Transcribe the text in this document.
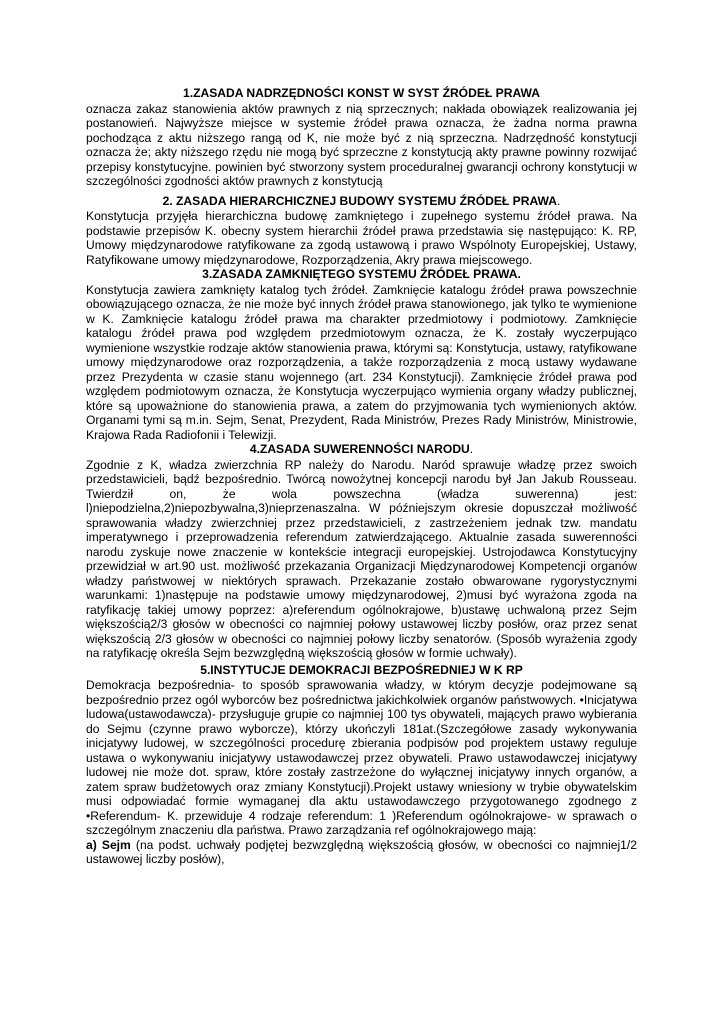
1.ZASADA NADRZĘDNOŚCI KONST W SYST ŹRÓDEŁ PRAWA

oznacza zakaz stanowienia aktów prawnych z nią sprzecznych; nakłada obowiązek realizowania jej postanowień. Najwyższe miejsce w systemie źródeł prawa oznacza, że żadna norma prawna pochodząca z aktu niższego rangą od K, nie może być z nią sprzeczna. Nadrzędność konstytucji oznacza że; akty niższego rzędu nie mogą być sprzeczne z konstytucją akty prawne powinny rozwijać przepisy konstytucyjne. powinien być stworzony system proceduralnej gwarancji ochrony konstytucji w szczególności zgodności aktów prawnych z konstytucją

2. ZASADA HIERARCHICZNEJ BUDOWY SYSTEMU ŹRÓDEŁ PRAWA.

Konstytucja przyjęła hierarchiczna budowę zamkniętego i zupełnego systemu źródeł prawa. Na podstawie przepisów K. obecny system hierarchii źródeł prawa przedstawia się następująco: K. RP, Umowy międzynarodowe ratyfikowane za zgodą ustawową i prawo Wspólnoty Europejskiej, Ustawy, Ratyfikowane umowy międzynarodowe, Rozporządzenia, Akry prawa miejscowego.

3.ZASADA ZAMKNIĘTEGO SYSTEMU ŹRÓDEŁ PRAWA.

Konstytucja zawiera zamknięty katalog tych źródeł. Zamknięcie katalogu źródeł prawa powszechnie obowiązującego oznacza, że nie może być innych źródeł prawa stanowionego, jak tylko te wymienione w K. Zamknięcie katalogu źródeł prawa ma charakter przedmiotowy i podmiotowy. Zamknięcie katalogu źródeł prawa pod względem przedmiotowym oznacza, że K. zostały wyczerpująco wymienione wszystkie rodzaje aktów stanowienia prawa, którymi są: Konstytucja, ustawy, ratyfikowane umowy międzynarodowe oraz rozporządzenia, a także rozporządzenia z mocą ustawy wydawane przez Prezydenta w czasie stanu wojennego (art. 234 Konstytucji). Zamknięcie źródeł prawa pod względem podmiotowym oznacza, że Konstytucja wyczerpująco wymienia organy władzy publicznej, które są upoważnione do stanowienia prawa, a zatem do przyjmowania tych wymienionych aktów. Organami tymi są m.in. Sejm, Senat, Prezydent, Rada Ministrów, Prezes Rady Ministrów, Ministrowie, Krajowa Rada Radiofonii i Telewizji.

4.ZASADA SUWERENNOŚCI NARODU.

Zgodnie z K, władza zwierzchnia RP należy do Narodu. Naród sprawuje władzę przez swoich przedstawicieli, bądź bezpośrednio. Twórcą nowożytnej koncepcji narodu był Jan Jakub Rousseau. Twierdził on, że wola powszechna (władza suwerenna) jest: l)niepodzielna,2)niepozbywalna,3)nieprzenaszalna. W późniejszym okresie dopuszczał możliwość sprawowania władzy zwierzchniej przez przedstawicieli, z zastrzeżeniem jednak tzw. mandatu imperatywnego i przeprowadzenia referendum zatwierdzającego. Aktualnie zasada suwerenności narodu zyskuje nowe znaczenie w kontekście integracji europejskiej. Ustrojodawca Konstytucyjny przewidział w art.90 ust. możliwość przekazania Organizacji Międzynarodowej Kompetencji organów władzy państwowej w niektórych sprawach. Przekazanie zostało obwarowane rygorystycznymi warunkami: 1)następuje na podstawie umowy międzynarodowej, 2)musi być wyrażona zgoda na ratyfikację takiej umowy poprzez: a)referendum ogólnokrajowe, b)ustawę uchwaloną przez Sejm większością2/3 głosów w obecności co najmniej połowy ustawowej liczby posłów, oraz przez senat większością 2/3 głosów w obecności co najmniej połowy liczby senatorów. (Sposób wyrażenia zgody na ratyfikację określa Sejm bezwzględną większością głosów w formie uchwały).

5.INSTYTUCJE DEMOKRACJI BEZPOŚREDNIEJ W K RP

Demokracja bezpośrednia- to sposób sprawowania władzy, w którym decyzje podejmowane są bezpośrednio przez ogól wyborców bez pośrednictwa jakichkolwiek organów państwowych. •Inicjatywa ludowa(ustawodawcza)- przysługuje grupie co najmniej 100 tys obywateli, mających prawo wybierania do Sejmu (czynne prawo wyborcze), którzy ukończyli 181at.(Szczegółowe zasady wykonywania inicjatywy ludowej, w szczególności procedurę zbierania podpisów pod projektem ustawy reguluje ustawa o wykonywaniu inicjatywy ustawodawczej przez obywateli. Prawo ustawodawczej inicjatywy ludowej nie może dot. spraw, które zostały zastrzeżone do wyłącznej inicjatywy innych organów, a zatem spraw budżetowych oraz zmiany Konstytucji).Projekt ustawy wniesiony w trybie obywatelskim musi odpowiadać formie wymaganej dla aktu ustawodawczego przygotowanego zgodnego z •Referendum- K. przewiduje 4 rodzaje referendum: 1 )Referendum ogólnokrajowe- w sprawach o szczególnym znaczeniu dla państwa. Prawo zarządzania ref ogólnokrajowego mają:

a) Sejm (na podst. uchwały podjętej bezwzględną większością głosów, w obecności co najmniej1/2 ustawowej liczby posłów),
